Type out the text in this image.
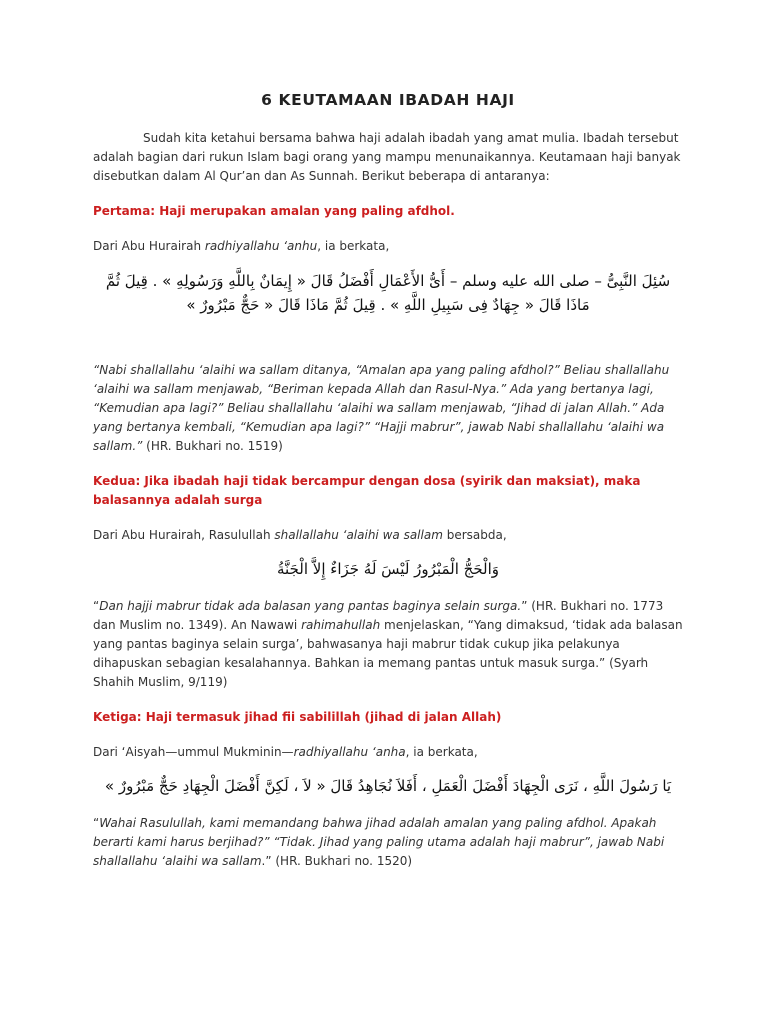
6 KEUTAMAAN IBADAH HAJI

Sudah kita ketahui bersama bahwa haji adalah ibadah yang amat mulia. Ibadah tersebut adalah bagian dari rukun Islam bagi orang yang mampu menunaikannya. Keutamaan haji banyak disebutkan dalam Al Qur’an dan As Sunnah. Berikut beberapa di antaranya:

Pertama: Haji merupakan amalan yang paling afdhol.

Dari Abu Hurairah radhiyallahu ‘anhu, ia berkata,

سُئِلَ النَّبِىُّ – صلى الله عليه وسلم – أَىُّ الأَعْمَالِ أَفْضَلُ قَالَ « إِيمَانٌ بِاللَّهِ وَرَسُولِهِ » . قِيلَ ثُمَّ مَاذَا قَالَ « جِهَادٌ فِى سَبِيلِ اللَّهِ » . قِيلَ ثُمَّ مَاذَا قَالَ « حَجٌّ مَبْرُورٌ »

“Nabi shallallahu ‘alaihi wa sallam ditanya, “Amalan apa yang paling afdhol?” Beliau shallallahu ‘alaihi wa sallam menjawab, “Beriman kepada Allah dan Rasul-Nya.” Ada yang bertanya lagi, “Kemudian apa lagi?” Beliau shallallahu ‘alaihi wa sallam menjawab, “Jihad di jalan Allah.” Ada yang bertanya kembali, “Kemudian apa lagi?” “Hajji mabrur”, jawab Nabi shallallahu ‘alaihi wa sallam.” (HR. Bukhari no. 1519)

Kedua: Jika ibadah haji tidak bercampur dengan dosa (syirik dan maksiat), maka balasannya adalah surga

Dari Abu Hurairah, Rasulullah shallallahu ‘alaihi wa sallam bersabda,

وَالْحَجُّ الْمَبْرُورُ لَيْسَ لَهُ جَزَاءٌ إِلاَّ الْجَنَّةُ

“Dan hajji mabrur tidak ada balasan yang pantas baginya selain surga.” (HR. Bukhari no. 1773 dan Muslim no. 1349). An Nawawi rahimahullah menjelaskan, “Yang dimaksud, ‘tidak ada balasan yang pantas baginya selain surga’, bahwasanya haji mabrur tidak cukup jika pelakunya dihapuskan sebagian kesalahannya. Bahkan ia memang pantas untuk masuk surga.” (Syarh Shahih Muslim, 9/119)

Ketiga: Haji termasuk jihad fii sabilillah (jihad di jalan Allah)

Dari ‘Aisyah—ummul Mukminin—radhiyallahu ‘anha, ia berkata,

يَا رَسُولَ اللَّهِ ، نَرَى الْجِهَادَ أَفْضَلَ الْعَمَلِ ، أَفَلاَ نُجَاهِدُ قَالَ « لاَ ، لَكِنَّ أَفْضَلَ الْجِهَادِ حَجٌّ مَبْرُورٌ »

“Wahai Rasulullah, kami memandang bahwa jihad adalah amalan yang paling afdhol. Apakah berarti kami harus berjihad?” “Tidak. Jihad yang paling utama adalah haji mabrur”, jawab Nabi shallallahu ‘alaihi wa sallam.” (HR. Bukhari no. 1520)
